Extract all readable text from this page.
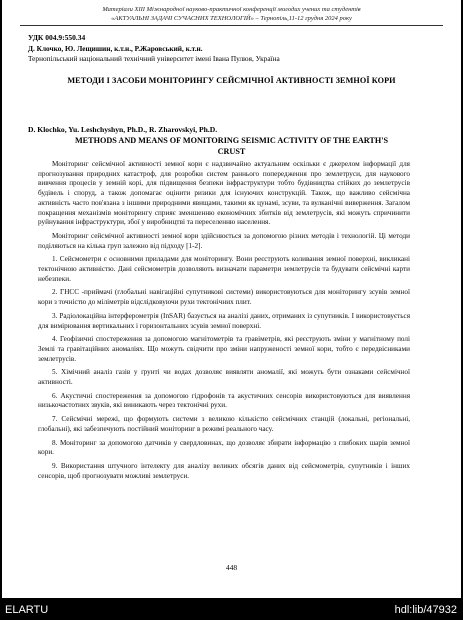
Матеріали XIII Міжнародної науково-практичної конференції молодих учених та студентів
«АКТУАЛЬНІ ЗАДАЧІ СУЧАСНИХ ТЕХНОЛОГІЙ» – Тернопіль,11-12 грудня 2024 року
УДК 004.9:550.34
Д. Клочко, Ю. Лещишин, к.т.н., Р.Жаровський, к.т.н.
Тернопільський національний технічний університет імені Івана Пулюя, Україна
МЕТОДИ І ЗАСОБИ МОНІТОРИНГУ СЕЙСМІЧНОЇ АКТИВНОСТІ ЗЕМНОЇ КОРИ
D. Klochko, Yu. Leshchyshyn, Ph.D., R. Zharovskyi, Ph.D.
METHODS AND MEANS OF MONITORING SEISMIC ACTIVITY OF THE EARTH'S CRUST

Моніторинг сейсмічної активності земної кори є надзвичайно актуальним оскільки є джерелом інформації для прогнозування природних катастроф, для розробки систем раннього попередження про землетруси, для наукового вивчення процесів у земній корі, для підвищення безпеки інфраструктури тобто будівництва стійких до землетрусів будівель і споруд, а також допомагає оцінити ризики для існуючих конструкцій. Також, що важливо сейсмічна активність часто пов'язана з іншими природними явищами, такими як цунамі, зсуви, та вулканічні виверження. Загалом покращення механізмів моніторингу сприяє зменшенню економічних збитків від землетрусів, які можуть спричинити руйнування інфраструктури, збої у виробництві та переселенню населення.

Моніторинг сейсмічної активності земної кори здійснюється за допомогою різних методів і технологій. Ці методи поділяються на кілька груп залежно від підходу [1-2].

1. Сейсмометри є основними приладами для моніторингу. Вони реєструють коливання земної поверхні, викликані тектонічною активністю. Дані сейсмометрів дозволяють визначати параметри землетрусів та будувати сейсмічні карти небезпеки.

2. ГНСС -приймачі (глобальні навігаційні супутникові системи) використовуються для моніторингу зсувів земної кори з точністю до міліметрів відслідковуючи рухи тектонічних плит.

3. Радіолокаційна інтерферометрія (InSAR) базується на аналізі даних, отриманих із супутників. І використовується для вимірювання вертикальних і горизонтальних зсувів земної поверхні.

4. Геофізичні спостереження за допомогою магнітометрів та гравіметрів, які реєструють зміни у магнітному полі Землі та гравітаційних аномаліях. Що можуть свідчити про зміни напруженості земної кори, тобто є передвісниками землетрусів.

5. Хімічний аналіз газів у ґрунті чи водах дозволяє виявляти аномалії, які можуть бути ознаками сейсмічної активності.

6. Акустичні спостереження за допомогою гідрофонів та акустичних сенсорів використовуються для виявлення низькочастотних звуків, які виникають через тектонічні рухи.

7. Сейсмічні мережі, що формують системи з великою кількістю сейсмічних станцій (локальні, регіональні, глобальні), які забезпечують постійний моніторинг в режимі реального часу.

8. Моніторинг за допомогою датчиків у свердловинах, що дозволяє збирати інформацію з глибоких шарів земної кори.

9. Використання штучного інтелекту для аналізу великих обсягів даних від сейсмометрів, супутників і інших сенсорів, щоб прогнозувати можливі землетруси.

448
ELARTU	hdl:lib/47932
